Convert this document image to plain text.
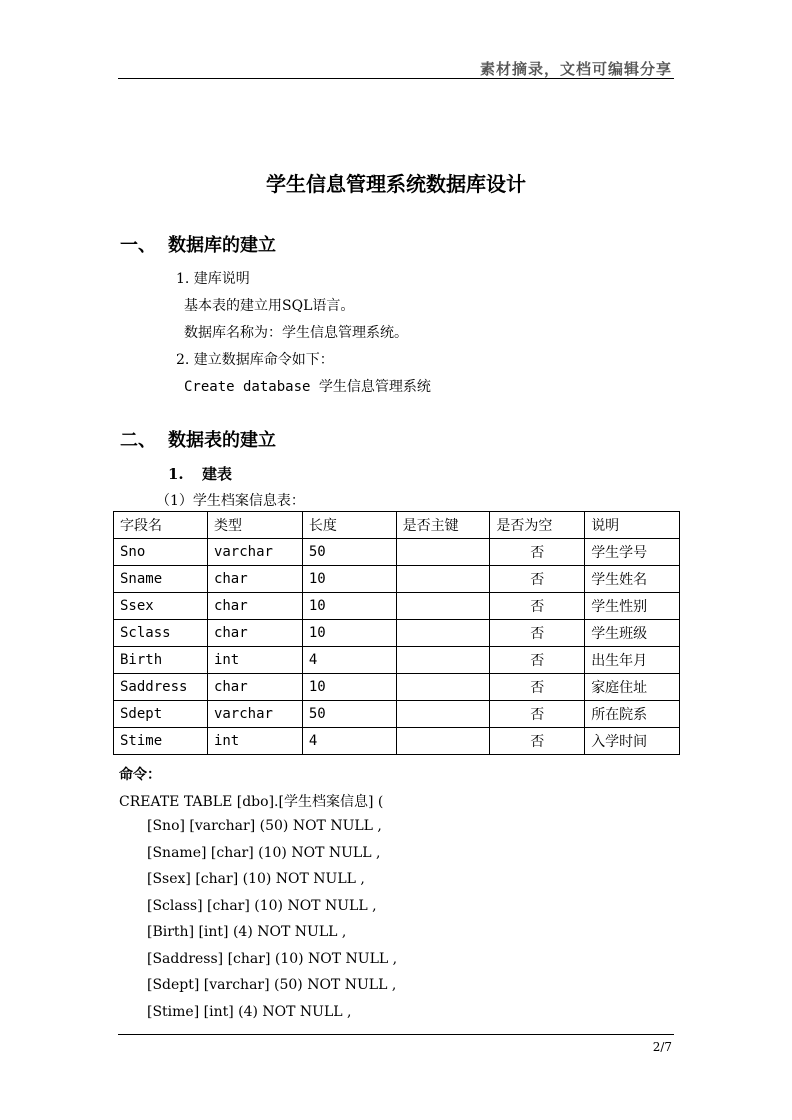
素材摘录，文档可编辑分享
学生信息管理系统数据库设计
一、 数据库的建立
1. 建库说明
基本表的建立用SQL语言。
数据库名称为：学生信息管理系统。
2. 建立数据库命令如下：
Create database 学生信息管理系统
二、 数据表的建立
1. 建表
（1）学生档案信息表：
字段名	类型	长度	是否主键	是否为空	说明
Sno	varchar	50		否	学生学号
Sname	char	10		否	学生姓名
Ssex	char	10		否	学生性别
Sclass	char	10		否	学生班级
Birth	int	4		否	出生年月
Saddress	char	10		否	家庭住址
Sdept	varchar	50		否	所在院系
Stime	int	4		否	入学时间
命令：
CREATE TABLE [dbo].[学生档案信息] (
[Sno] [varchar] (50) NOT NULL ,
[Sname] [char] (10) NOT NULL ,
[Ssex] [char] (10) NOT NULL ,
[Sclass] [char] (10) NOT NULL ,
[Birth] [int] (4) NOT NULL ,
[Saddress] [char] (10) NOT NULL ,
[Sdept] [varchar] (50) NOT NULL ,
[Stime] [int] (4) NOT NULL ,
2/7
